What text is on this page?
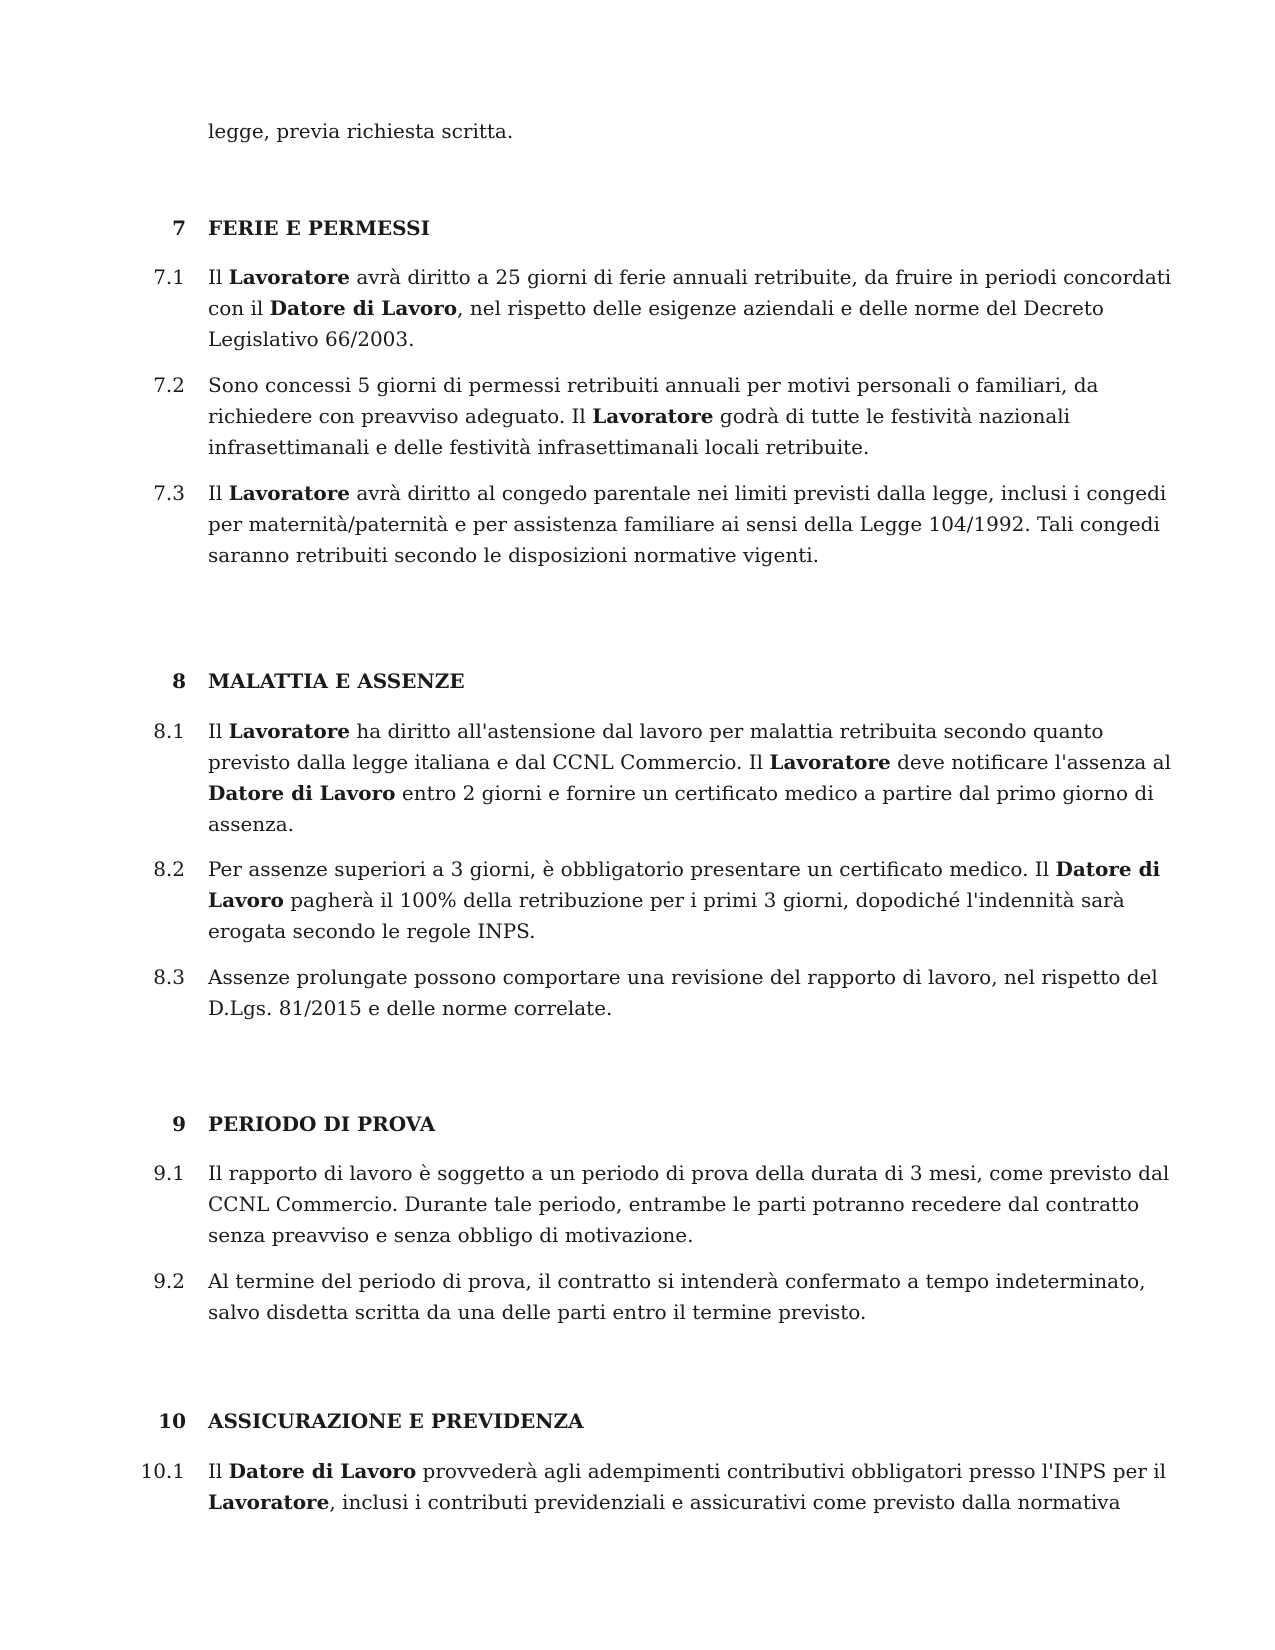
legge, previa richiesta scritta.
7 FERIE E PERMESSI
7.1 Il Lavoratore avrà diritto a 25 giorni di ferie annuali retribuite, da fruire in periodi concordati
con il Datore di Lavoro, nel rispetto delle esigenze aziendali e delle norme del Decreto
Legislativo 66/2003.
7.2 Sono concessi 5 giorni di permessi retribuiti annuali per motivi personali o familiari, da
richiedere con preavviso adeguato. Il Lavoratore godrà di tutte le festività nazionali
infrasettimanali e delle festività infrasettimanali locali retribuite.
7.3 Il Lavoratore avrà diritto al congedo parentale nei limiti previsti dalla legge, inclusi i congedi
per maternità/paternità e per assistenza familiare ai sensi della Legge 104/1992. Tali congedi
saranno retribuiti secondo le disposizioni normative vigenti.
8 MALATTIA E ASSENZE
8.1 Il Lavoratore ha diritto all'astensione dal lavoro per malattia retribuita secondo quanto
previsto dalla legge italiana e dal CCNL Commercio. Il Lavoratore deve notificare l'assenza al
Datore di Lavoro entro 2 giorni e fornire un certificato medico a partire dal primo giorno di
assenza.
8.2 Per assenze superiori a 3 giorni, è obbligatorio presentare un certificato medico. Il Datore di
Lavoro pagherà il 100% della retribuzione per i primi 3 giorni, dopodiché l'indennità sarà
erogata secondo le regole INPS.
8.3 Assenze prolungate possono comportare una revisione del rapporto di lavoro, nel rispetto del
D.Lgs. 81/2015 e delle norme correlate.
9 PERIODO DI PROVA
9.1 Il rapporto di lavoro è soggetto a un periodo di prova della durata di 3 mesi, come previsto dal
CCNL Commercio. Durante tale periodo, entrambe le parti potranno recedere dal contratto
senza preavviso e senza obbligo di motivazione.
9.2 Al termine del periodo di prova, il contratto si intenderà confermato a tempo indeterminato,
salvo disdetta scritta da una delle parti entro il termine previsto.
10 ASSICURAZIONE E PREVIDENZA
10.1 Il Datore di Lavoro provvederà agli adempimenti contributivi obbligatori presso l'INPS per il
Lavoratore, inclusi i contributi previdenziali e assicurativi come previsto dalla normativa
